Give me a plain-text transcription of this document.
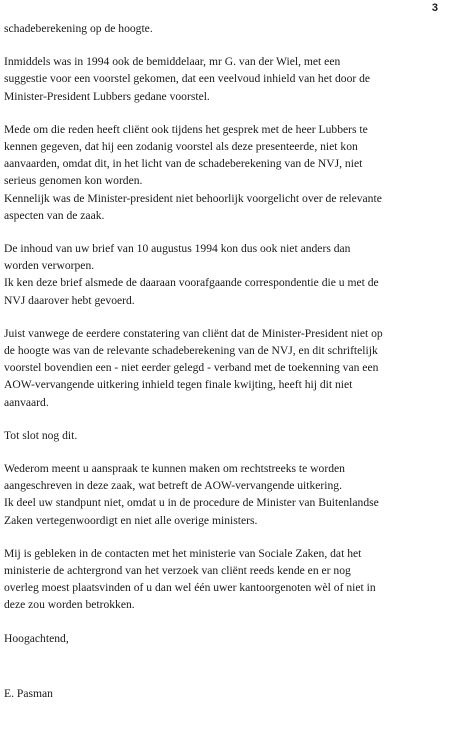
3

schadeberekening op de hoogte.

Inmiddels was in 1994 ook de bemiddelaar, mr G. van der Wiel, met een

suggestie voor een voorstel gekomen, dat een veelvoud inhield van het door de

Minister-President Lubbers gedane voorstel.

Mede om die reden heeft cliënt ook tijdens het gesprek met de heer Lubbers te

kennen gegeven, dat hij een zodanig voorstel als deze presenteerde, niet kon

aanvaarden, omdat dit, in het licht van de schadeberekening van de NVJ, niet

serieus genomen kon worden.

Kennelijk was de Minister-president niet behoorlijk voorgelicht over de relevante

aspecten van de zaak.

De inhoud van uw brief van 10 augustus 1994 kon dus ook niet anders dan

worden verworpen.

Ik ken deze brief alsmede de daaraan voorafgaande correspondentie die u met de

NVJ daarover hebt gevoerd.

Juist vanwege de eerdere constatering van cliënt dat de Minister-President niet op

de hoogte was van de relevante schadeberekening van de NVJ, en dit schriftelijk

voorstel bovendien een - niet eerder gelegd - verband met de toekenning van een

AOW-vervangende uitkering inhield tegen finale kwijting, heeft hij dit niet

aanvaard.

Tot slot nog dit.

Wederom meent u aanspraak te kunnen maken om rechtstreeks te worden

aangeschreven in deze zaak, wat betreft de AOW-vervangende uitkering.

Ik deel uw standpunt niet, omdat u in de procedure de Minister van Buitenlandse

Zaken vertegenwoordigt en niet alle overige ministers.

Mij is gebleken in de contacten met het ministerie van Sociale Zaken, dat het

ministerie de achtergrond van het verzoek van cliënt reeds kende en er nog

overleg moest plaatsvinden of u dan wel één uwer kantoorgenoten wèl of niet in

deze zou worden betrokken.

Hoogachtend,

E. Pasman
